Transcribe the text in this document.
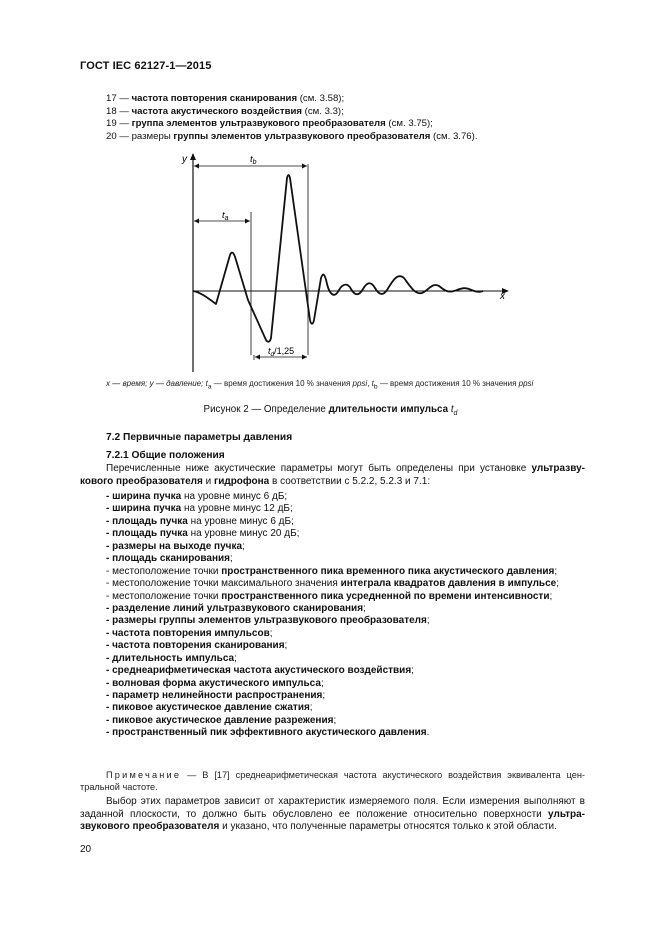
ГОСТ IEC 62127-1—2015
17 — частота повторения сканирования (см. 3.58);
18 — частота акустического воздействия (см. 3.3);
19 — группа элементов ультразвукового преобразователя (см. 3.75);
20 — размеры группы элементов ультразвукового преобразователя (см. 3.76).
y
x
$t_b$
$t_a$
$t_d/1,25$
x — время; y — давление; $t_a$ — время достижения 10 % значения ppsi, $t_b$ — время достижения 10 % значения ppsi
Рисунок 2 — Определение длительности импульса $t_d$
7.2 Первичные параметры давления
7.2.1 Общие положения
Перечисленные ниже акустические параметры могут быть определены при установке ультразву-кового преобразователя и гидрофона в соответствии с 5.2.2, 5.2.3 и 7.1:
- ширина пучка на уровне минус 6 дБ;
- ширина пучка на уровне минус 12 дБ;
- площадь пучка на уровне минус 6 дБ;
- площадь пучка на уровне минус 20 дБ;
- размеры на выходе пучка;
- площадь сканирования;
- местоположение точки пространственного пика временного пика акустического давления;
- местоположение точки максимального значения интеграла квадратов давления в импульсе;
- местоположение точки пространственного пика усредненной по времени интенсивности;
- разделение линий ультразвукового сканирования;
- размеры группы элементов ультразвукового преобразователя;
- частота повторения импульсов;
- частота повторения сканирования;
- длительность импульса;
- среднеарифметическая частота акустического воздействия;
- волновая форма акустического импульса;
- параметр нелинейности распространения;
- пиковое акустическое давление сжатия;
- пиковое акустическое давление разрежения;
- пространственный пик эффективного акустического давления.
Примечание — В [17] среднеарифметическая частота акустического воздействия эквивалента цен-тральной частоте.
Выбор этих параметров зависит от характеристик измеряемого поля. Если измерения выполняют в заданной плоскости, то должно быть обусловлено ее положение относительно поверхности ультра-звукового преобразователя и указано, что полученные параметры относятся только к этой области.
20
